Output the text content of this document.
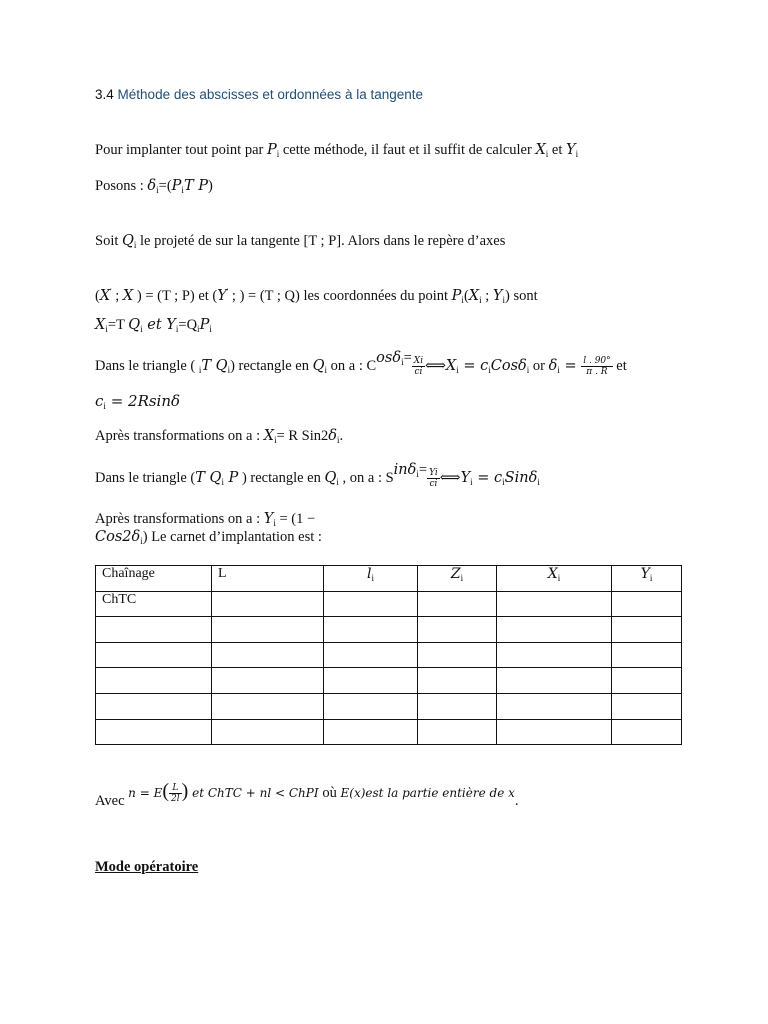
3.4 Méthode des abscisses et ordonnées à la tangente
Pour implanter tout point par $P_i$ cette méthode, il faut et il suffit de calculer $X_i$ et $Y_i$
Posons : $\delta_i=(P_iT$ P)
Soit $Q_i$ le projeté de sur la tangente [T ; P]. Alors dans le repère d’axes
(X' ; X ) = (T ; P) et (Y' ; ) = (T ; Q) les coordonnées du point $P_i(X_i$ ; $Y_i$) sont
$X_i=T$ $Q_i$ et $Y_i=Q_iP_i$
Dans le triangle ( $_i$T $Q_i$) rectangle en $Q_i$ on a : $Cos\delta^i= \frac{Xi}{ci}$ $⟺X_i = c_iCos\delta_i$ or $\delta_i = \frac{l . 90^\circ}{\pi . R}$ et
$c_i = 2Rsin\delta$
Après transformations on a : $X_i= R$ $Sin2\delta_i$.
Dans le triangle (T $Q_i$ P ) rectangle en $Q_i$ , on a : $Sin\delta^i= \frac{Yi}{ci}$ $⟺Y_i = c_iSin\delta_i$
Après transformations on a : $Y_i = (1$ −
$Cos2\delta_i$) Le carnet d’implantation est :
Chaînage	L	$l_i$	$Z_i$	$X_i$	$Y_i$
ChTC					

Avec $n = E( \frac{L}{2l}$ ) et ChTC + nl < ChPI où E(x)est la partie entière de x.
Mode opératoire
